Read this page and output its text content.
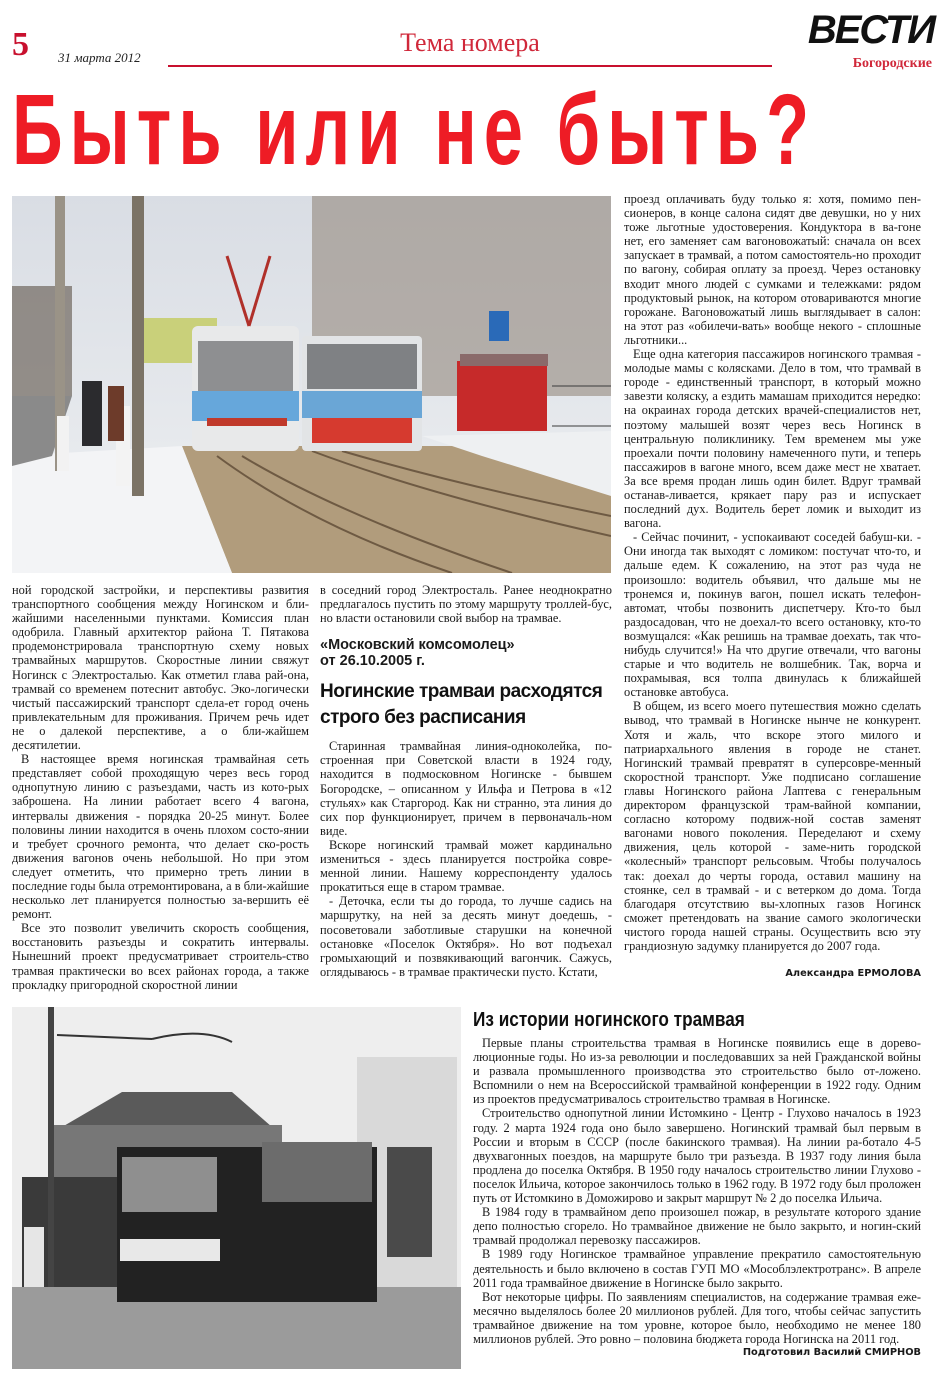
5 31 марта 2012
Тема номера	ВЕСТИ
Богородские
Быть или не быть?

ной городской застройки, и перспективы развития транспортного сообщения между Ногинском и бли-жайшими населенными пунктами. Комиссия план одобрила. Главный архитектор района Т. Пятакова продемонстрировала транспортную схему новых трамвайных маршрутов. Скоростные линии свяжут Ногинск с Электросталью. Как отметил глава рай-она, трамвай со временем потеснит автобус. Эко-логически чистый пассажирский транспорт сдела-ет город очень привлекательным для проживания. Причем речь идет не о далекой перспективе, а о бли-жайшем десятилетии.

В настоящее время ногинская трамвайная сеть представляет собой проходящую через весь город однопутную линию с разъездами, часть из кото-рых заброшена. На линии работает всего 4 вагона, интервалы движения - порядка 20-25 минут. Более половины линии находится в очень плохом состо-янии и требует срочного ремонта, что делает ско-рость движения вагонов очень небольшой. Но при этом следует отметить, что примерно треть линии в последние годы была отремонтирована, а в бли-жайшие несколько лет планируется полностью за-вершить её ремонт.

Все это позволит увеличить скорость сообщения, восстановить разъезды и сократить интервалы. Нынешний проект предусматривает строитель-ство трамвая практически во всех районах города, а также прокладку пригородной скоростной линии

в соседний город Электросталь. Ранее неоднократно предлагалось пустить по этому маршруту троллей-бус, но власти остановили свой выбор на трамвае.

«Московский комсомолец»
от 26.10.2005 г.
Ногинские трамваи расходятся строго без расписания

Старинная трамвайная линия-одноколейка, по-строенная при Советской власти в 1924 году, находится в подмосковном Ногинске - бывшем Богородске, – описанном у Ильфа и Петрова в «12 стульях» как Старгород. Как ни странно, эта линия до сих пор функционирует, причем в первоначаль-ном виде.

Вскоре ногинский трамвай может кардинально измениться - здесь планируется постройка совре-менной линии. Нашему корреспонденту удалось прокатиться еще в старом трамвае.

- Деточка, если ты до города, то лучше садись на маршрутку, на ней за десять минут доедешь, - посоветовали заботливые старушки на конечной остановке «Поселок Октября». Но вот подъехал громыхающий и позвякивающий вагончик. Сажусь, оглядываюсь - в трамвае практически пусто. Кстати,

проезд оплачивать буду только я: хотя, помимо пен-сионеров, в конце салона сидят две девушки, но у них тоже льготные удостоверения. Кондуктора в ва-гоне нет, его заменяет сам вагоновожатый: сначала он всех запускает в трамвай, а потом самостоятель-но проходит по вагону, собирая оплату за проезд. Через остановку входит много людей с сумками и тележками: рядом продуктовый рынок, на котором отовариваются многие горожане. Вагоновожатый лишь выглядывает в салон: на этот раз «обилечи-вать» вообще некого - сплошные льготники...

Еще одна категория пассажиров ногинского трамвая - молодые мамы с колясками. Дело в том, что трамвай в городе - единственный транспорт, в который можно завезти коляску, а ездить мамашам приходится нередко: на окраинах города детских врачей-специалистов нет, поэтому малышей возят через весь Ногинск в центральную поликлинику. Тем временем мы уже проехали почти половину намеченного пути, и теперь пассажиров в вагоне много, всем даже мест не хватает. За все время продан лишь один билет. Вдруг трамвай останав-ливается, крякает пару раз и испускает последний дух. Водитель берет ломик и выходит из вагона.

- Сейчас починит, - успокаивают соседей бабуш-ки. - Они иногда так выходят с ломиком: постучат что-то, и дальше едем. К сожалению, на этот раз чуда не произошло: водитель объявил, что дальше мы не тронемся и, покинув вагон, пошел искать телефон-автомат, чтобы позвонить диспетчеру. Кто-то был раздосадован, что не доехал-то всего остановку, кто-то возмущался: «Как решишь на трамвае доехать, так что-нибудь случится!» На что другие отвечали, что вагоны старые и что водитель не волшебник. Так, ворча и похрамывая, вся толпа двинулась к ближайшей остановке автобуса.

В общем, из всего моего путешествия можно сделать вывод, что трамвай в Ногинске нынче не конкурент. Хотя и жаль, что вскоре этого милого и патриархального явления в городе не станет. Ногинский трамвай превратят в суперсовре-менный скоростной транспорт. Уже подписано соглашение главы Ногинского района Лаптева с генеральным директором французской трам-вайной компании, согласно которому подвиж-ной состав заменят вагонами нового поколения. Переделают и схему движения, цель которой - заме-нить городской «колесный» транспорт рельсовым. Чтобы получалось так: доехал до черты города, оставил машину на стоянке, сел в трамвай - и с ветерком до дома. Тогда благодаря отсутствию вы-хлопных газов Ногинск сможет претендовать на звание самого экологически чистого города нашей страны. Осуществить всю эту грандиозную задумку планируется до 2007 года.

Александра ЕРМОЛОВА
Из истории ногинского трамвая

Первые планы строительства трамвая в Ногинске появились еще в дорево-люционные годы. Но из-за революции и последовавших за ней Гражданской войны и развала промышленного производства это строительство было от-ложено. Вспомнили о нем на Всероссийской трамвайной конференции в 1922 году. Одним из проектов предусматривалось строительство трамвая в Ногинске.

Строительство однопутной линии Истомкино - Центр - Глухово началось в 1923 году. 2 марта 1924 года оно было завершено. Ногинский трамвай был первым в России и вторым в СССР (после бакинского трамвая). На линии ра-ботало 4-5 двухвагонных поездов, на маршруте было три разъезда. В 1937 году линия была продлена до поселка Октября. В 1950 году началось строительство линии Глухово - поселок Ильича, которое закончилось только в 1962 году. В 1972 году был проложен путь от Истомкино в Доможирово и закрыт маршрут № 2 до поселка Ильича.

В 1984 году в трамвайном депо произошел пожар, в результате которого здание депо полностью сгорело. Но трамвайное движение не было закрыто, и ногин-ский трамвай продолжал перевозку пассажиров.

В 1989 году Ногинское трамвайное управление прекратило самостоятельную деятельность и было включено в состав ГУП МО «Мособлэлектротранс». В апреле 2011 года трамвайное движение в Ногинске было закрыто.

Вот некоторые цифры. По заявлениям специалистов, на содержание трамвая еже-месячно выделялось более 20 миллионов рублей. Для того, чтобы сейчас запустить трамвайное движение на том уровне, которое было, необходимо не менее 180 миллионов рублей. Это ровно – половина бюджета города Ногинска на 2011 год.

Подготовил Василий СМИРНОВ
